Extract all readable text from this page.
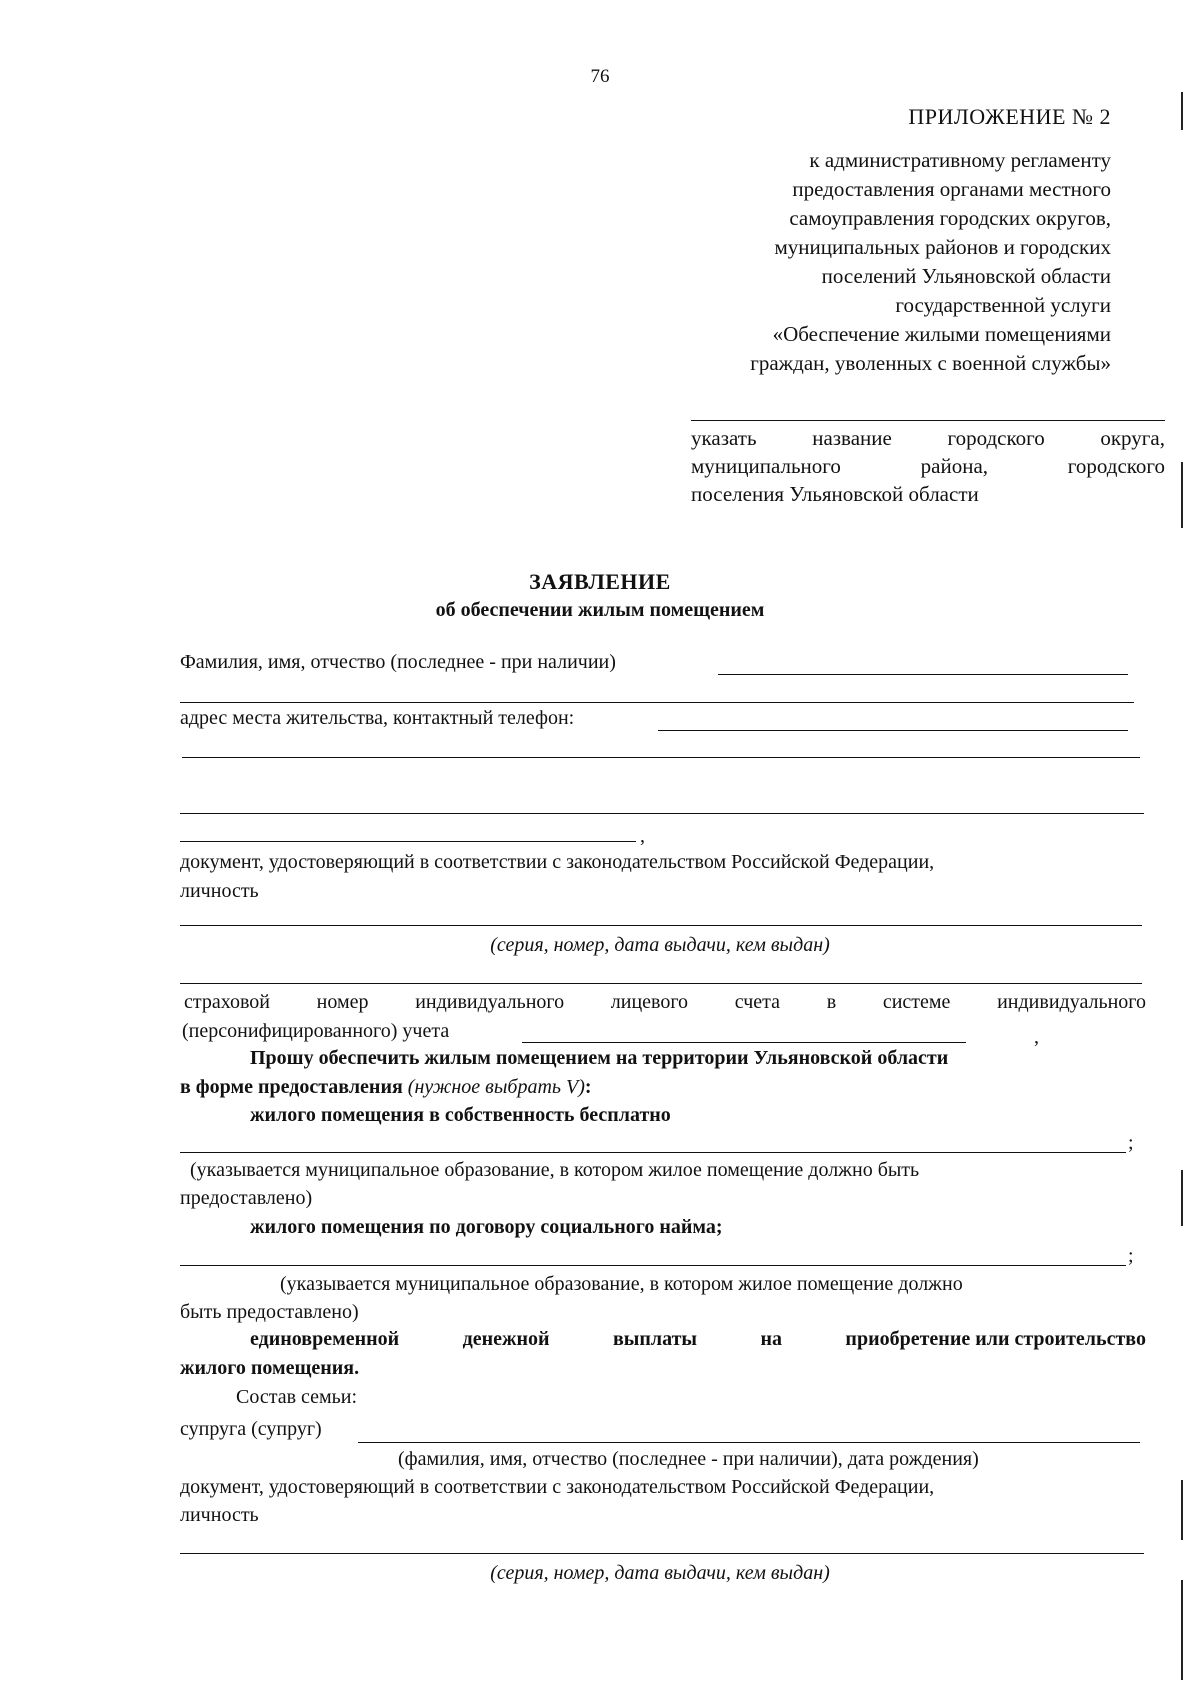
76
ПРИЛОЖЕНИЕ № 2
к административному регламенту
предоставления органами местного
самоуправления городских округов,
муниципальных районов и городских
поселений Ульяновской области
государственной услуги
«Обеспечение жилыми помещениями
граждан, уволенных с военной службы»
указать	название	городского	округа,
муниципального	района,	городского
поселения Ульяновской области
ЗАЯВЛЕНИЕ
об обеспечении жилым помещением
Фамилия, имя, отчество (последнее - при наличии)
адрес места жительства, контактный телефон:
,
документ, удостоверяющий в соответствии с законодательством Российской Федерации,
личность
(серия, номер, дата выдачи, кем выдан)
страховой номер индивидуального лицевого счета в системе индивидуального
(персонифицированного) учета	,
Прошу обеспечить жилым помещением на территории Ульяновской области
в форме предоставления (нужное выбрать V):
жилого помещения в собственность бесплатно
;
(указывается муниципальное образование, в котором жилое помещение должно быть
предоставлено)
жилого помещения по договору социального найма;
;
(указывается муниципальное образование, в котором жилое помещение должно
быть предоставлено)
единовременной	денежной	выплаты	на	приобретение или строительство
жилого помещения.
Состав семьи:
супруга (супруг)
(фамилия, имя, отчество (последнее - при наличии), дата рождения)
документ, удостоверяющий в соответствии с законодательством Российской Федерации,
личность
(серия, номер, дата выдачи, кем выдан)
